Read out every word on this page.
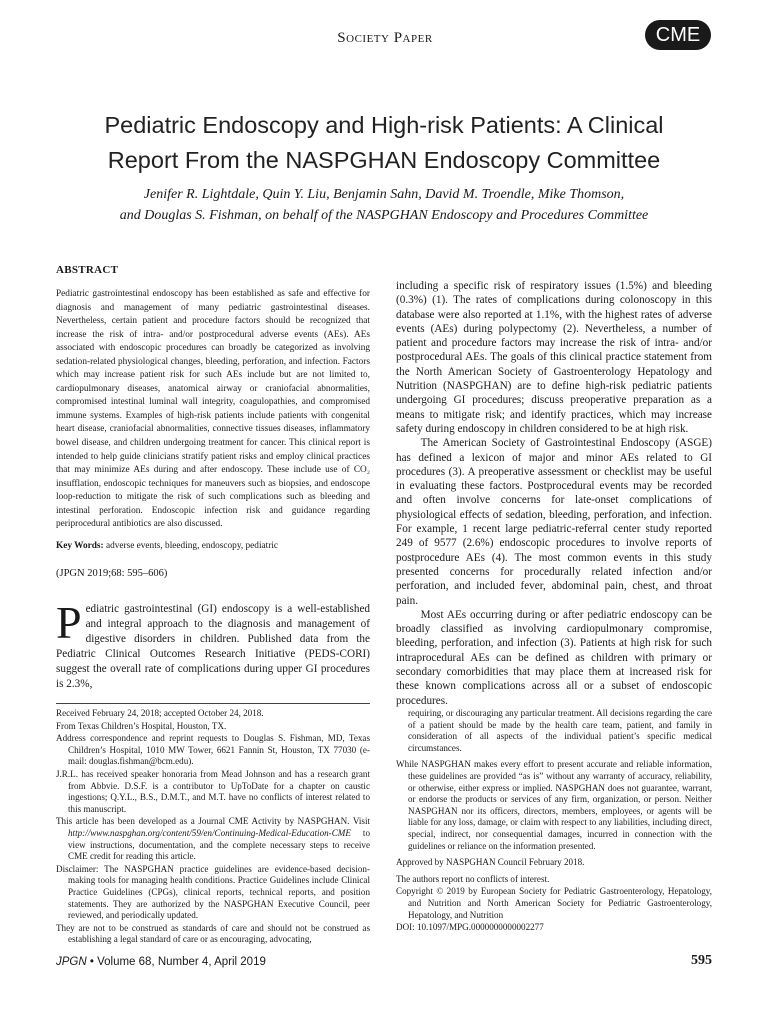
Society Paper	CME
Pediatric Endoscopy and High-risk Patients: A Clinical
Report From the NASPGHAN Endoscopy Committee
Jenifer R. Lightdale, Quin Y. Liu, Benjamin Sahn, David M. Troendle, Mike Thomson,
and Douglas S. Fishman, on behalf of the NASPGHAN Endoscopy and Procedures Committee
ABSTRACT

Pediatric gastrointestinal endoscopy has been established as safe and effective for diagnosis and management of many pediatric gastrointestinal diseases. Nevertheless, certain patient and procedure factors should be recognized that increase the risk of intra- and/or postprocedural adverse events (AEs). AEs associated with endoscopic procedures can broadly be categorized as involving sedation-related physiological changes, bleeding, perforation, and infection. Factors which may increase patient risk for such AEs include but are not limited to, cardiopulmonary diseases, anatomical airway or craniofacial abnormalities, compromised intestinal luminal wall integrity, coagulopathies, and compromised immune systems. Examples of high-risk patients include patients with congenital heart disease, craniofacial abnormalities, connective tissues diseases, inflammatory bowel disease, and children undergoing treatment for cancer. This clinical report is intended to help guide clinicians stratify patient risks and employ clinical practices that may minimize AEs during and after endoscopy. These include use of CO₂ insufflation, endoscopic techniques for maneuvers such as biopsies, and endoscope loop-reduction to mitigate the risk of such complications such as bleeding and intestinal perforation. Endoscopic infection risk and guidance regarding periprocedural antibiotics are also discussed.

Key Words: adverse events, bleeding, endoscopy, pediatric

(JPGN 2019;68: 595–606)

Pediatric gastrointestinal (GI) endoscopy is a well-established and integral approach to the diagnosis and management of digestive disorders in children. Published data from the Pediatric Clinical Outcomes Research Initiative (PEDS-CORI) suggest the overall rate of complications during upper GI procedures is 2.3%,

including a specific risk of respiratory issues (1.5%) and bleeding (0.3%) (1). The rates of complications during colonoscopy in this database were also reported at 1.1%, with the highest rates of adverse events (AEs) during polypectomy (2). Nevertheless, a number of patient and procedure factors may increase the risk of intra- and/or postprocedural AEs. The goals of this clinical practice statement from the North American Society of Gastroenterology Hepatology and Nutrition (NASPGHAN) are to define high-risk pediatric patients undergoing GI procedures; discuss preoperative preparation as a means to mitigate risk; and identify practices, which may increase safety during endoscopy in children considered to be at high risk.

The American Society of Gastrointestinal Endoscopy (ASGE) has defined a lexicon of major and minor AEs related to GI procedures (3). A preoperative assessment or checklist may be useful in evaluating these factors. Postprocedural events may be recorded and often involve concerns for late-onset complications of physiological effects of sedation, bleeding, perforation, and infection. For example, 1 recent large pediatric-referral center study reported 249 of 9577 (2.6%) endoscopic procedures to involve reports of postprocedure AEs (4). The most common events in this study presented concerns for procedurally related infection and/or perforation, and included fever, abdominal pain, chest, and throat pain.

Most AEs occurring during or after pediatric endoscopy can be broadly classified as involving cardiopulmonary compromise, bleeding, perforation, and infection (3). Patients at high risk for such intraprocedural AEs can be defined as children with primary or secondary comorbidities that may place them at increased risk for these known complications across all or a subset of endoscopic procedures.

Received February 24, 2018; accepted October 24, 2018.

From Texas Children’s Hospital, Houston, TX.

Address correspondence and reprint requests to Douglas S. Fishman, MD, Texas Children’s Hospital, 1010 MW Tower, 6621 Fannin St, Houston, TX 77030 (e-mail: douglas.fishman@bcm.edu).

J.R.L. has received speaker honoraria from Mead Johnson and has a research grant from Abbvie. D.S.F. is a contributor to UpToDate for a chapter on caustic ingestions; Q.Y.L., B.S., D.M.T., and M.T. have no conflicts of interest related to this manuscript.

This article has been developed as a Journal CME Activity by NASPGHAN. Visit http://www.naspghan.org/content/59/en/Continuing-Medical-Education-CME to view instructions, documentation, and the complete necessary steps to receive CME credit for reading this article.

Disclaimer: The NASPGHAN practice guidelines are evidence-based decision-making tools for managing health conditions. Practice Guidelines include Clinical Practice Guidelines (CPGs), clinical reports, technical reports, and position statements. They are authorized by the NASPGHAN Executive Council, peer reviewed, and periodically updated.

They are not to be construed as standards of care and should not be construed as establishing a legal standard of care or as encouraging, advocating,

requiring, or discouraging any particular treatment. All decisions regarding the care of a patient should be made by the health care team, patient, and family in consideration of all aspects of the individual patient’s specific medical circumstances.

While NASPGHAN makes every effort to present accurate and reliable information, these guidelines are provided “as is” without any warranty of accuracy, reliability, or otherwise, either express or implied. NASPGHAN does not guarantee, warrant, or endorse the products or services of any firm, organization, or person. Neither NASPGHAN nor its officers, directors, members, employees, or agents will be liable for any loss, damage, or claim with respect to any liabilities, including direct, special, indirect, nor consequential damages, incurred in connection with the guidelines or reliance on the information presented.

Approved by NASPGHAN Council February 2018.

The authors report no conflicts of interest.

Copyright © 2019 by European Society for Pediatric Gastroenterology, Hepatology, and Nutrition and North American Society for Pediatric Gastroenterology, Hepatology, and Nutrition

DOI: 10.1097/MPG.0000000000002277

JPGN • Volume 68, Number 4, April 2019	595
